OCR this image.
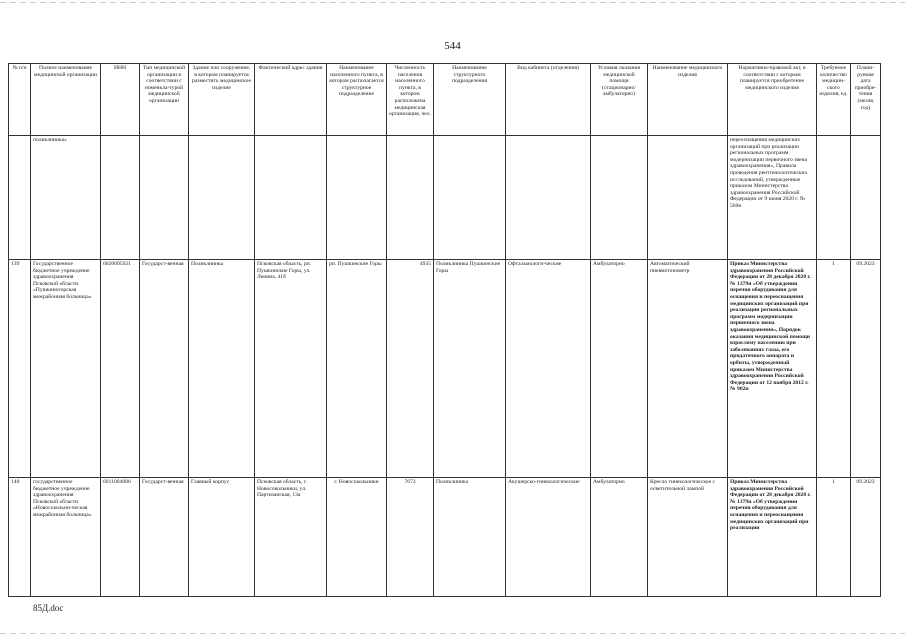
544
№ п/п	Полное наименование медицинской организации	ИНН	Тип медицинской организации в соответствии с номенкла-турой медицинской организации	Здание или сооружение, в котором планируется разместить медицинское изделие	Фактический адрес здания	Наименование населенного пункта, в котором располагается структурное подразделение	Численность населения населенного пункта, в котором расположена медицинская организация, чел.	Наименование структурного подразделения	Вид кабинета (отделения)	Условия оказания медицинской помощи (стационарно/ амбулаторно)	Наименование медицинского изделия	Нормативно-правовой акт, в соответствии с которым планируется приобретение медицинского изделия	Требуемое количество медицин-ского изделия, ед.	Плани-руемая дата приобре-тения (месяц год)
	поликлиника»											переоснащения медицинских организаций при реализации региональных программ модернизации первичного звена здравоохранения», Правила проведения рентгенологических исследований, утвержденные приказом Министерства здравоохранения Российской Федерации от 9 июня 2020 г. № 560н		
139	Государственное бюджетное учреждение здравоохранения Псковской области «Пушкиногорская межрайонная больница»	6020005921	Государст-венная	Поликлиника	Псковская область, рп. Пушкинские Горы, ул. Ленина, 41б	рп. Пушкинские Горы	4935	Поликлиника Пушкинские Горы	Офтальмологи-ческие	Амбулаторно	Автоматический пневмотонометр	Приказ Министерства здравоохранения Российской Федерации от 28 декабря 2020 г. № 1379н «Об утверждении перечня оборудования для оснащения и переоснащения медицинских организаций при реализации региональных программ модернизации первичного звена здравоохранения», Порядок оказания медицинской помощи взрослому населению при заболеваниях глаза, его придаточного аппарата и орбиты, утвержденный приказом Министерства здравоохранения Российской Федерации от 12 ноября 2012 г. № 902н	1	09.2023
140	государственное бюджетное учреждение здравоохранения Псковской области «Новосокольни-ческая межрайонная больница»	6011004086	Государст-венная	Главный корпус	Псковская область, г. Новосокольники, ул. Партизанская, 13а	г. Новосокольники	7673	Поликлиника	Акушерско-гинекологические	Амбулаторно	Кресло гинекологическое с осветительной лампой	Приказ Министерства здравоохранения Российской Федерации от 28 декабря 2020 г. № 1379н «Об утверждении перечня оборудования для оснащения и переоснащения медицинских организаций при реализации	1	09.2023
85Д.doc
